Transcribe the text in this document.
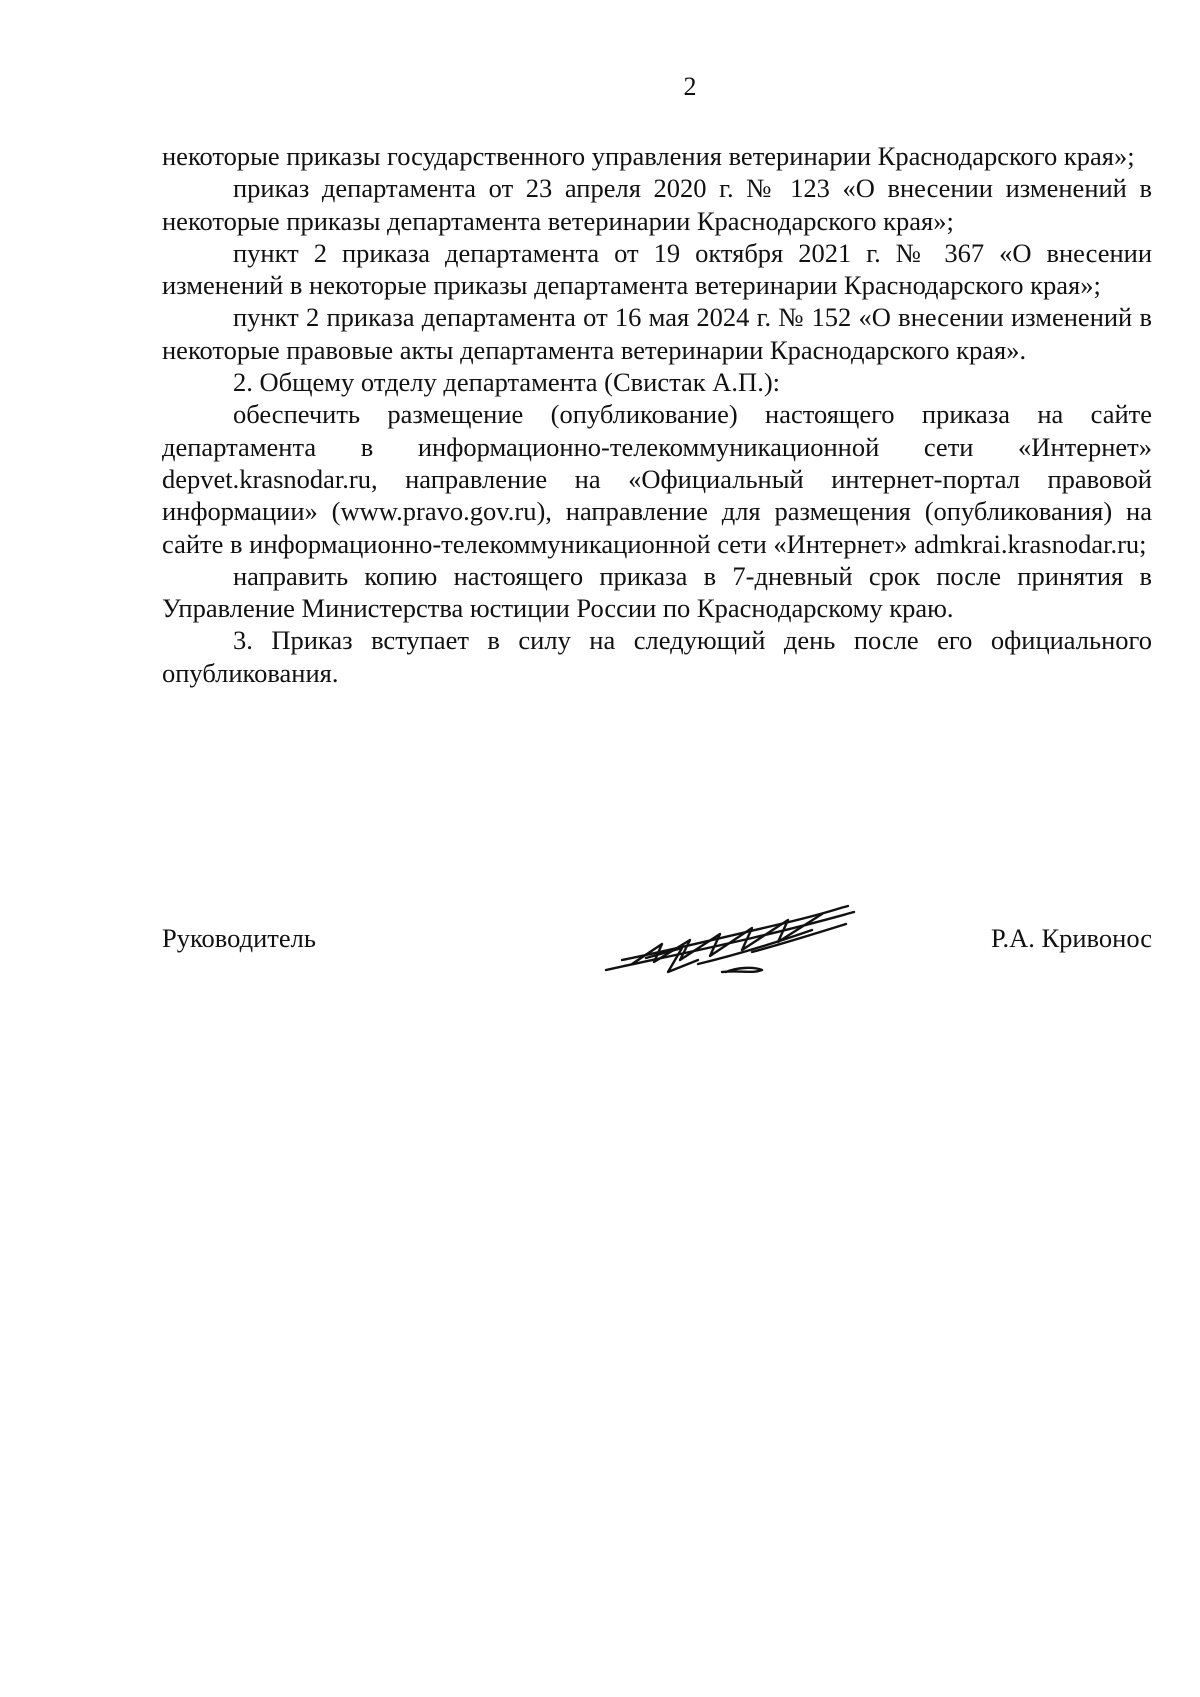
2

некоторые приказы государственного управления ветеринарии Краснодарского края»;

приказ департамента от 23 апреля 2020 г. № 123 «О внесении изменений в некоторые приказы департамента ветеринарии Краснодарского края»;

пункт 2 приказа департамента от 19 октября 2021 г. № 367 «О внесении изменений в некоторые приказы департамента ветеринарии Краснодарского края»;

пункт 2 приказа департамента от 16 мая 2024 г. № 152 «О внесении изменений в некоторые правовые акты департамента ветеринарии Краснодарского края».

2. Общему отделу департамента (Свистак А.П.):

обеспечить размещение (опубликование) настоящего приказа на сайте департамента в информационно-телекоммуникационной сети «Интернет» depvet.krasnodar.ru, направление на «Официальный интернет-портал правовой информации» (www.pravo.gov.ru), направление для размещения (опубликования) на сайте в информационно-телекоммуникационной сети «Интернет» admkrai.krasnodar.ru;

направить копию настоящего приказа в 7-дневный срок после принятия в Управление Министерства юстиции России по Краснодарскому краю.

3. Приказ вступает в силу на следующий день после его официального опубликования.

Руководитель	Р.А. Кривонос
